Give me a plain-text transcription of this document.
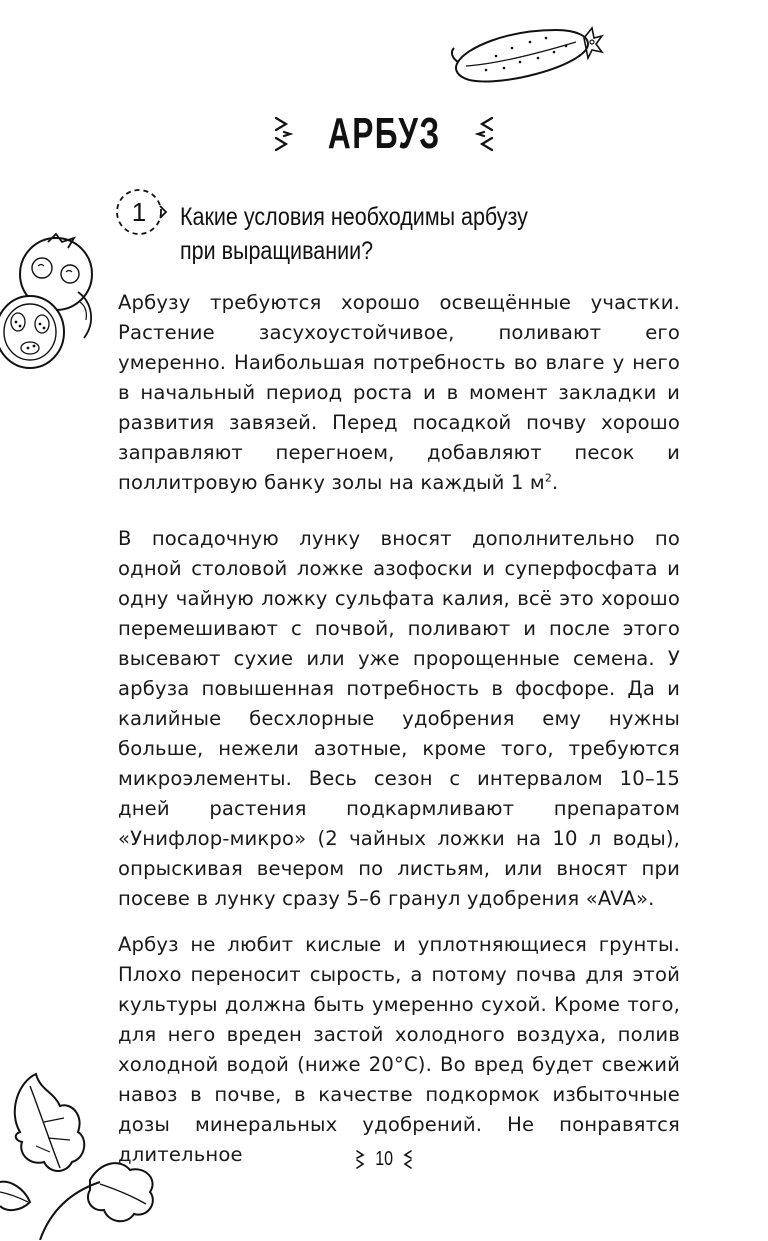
АРБУЗ
1	Какие условия необходимы арбузу
при выращивании?

Арбузу требуются хорошо освещённые участки. Растение засухоустойчивое, поливают его умеренно. Наибольшая потребность во влаге у него в начальный период роста и в момент закладки и развития завязей. Перед посадкой почву хорошо заправляют перегноем, добавляют песок и поллитровую банку золы на каждый 1 $м^2$.

В посадочную лунку вносят дополнительно по одной столовой ложке азофоски и суперфосфата и одну чайную ложку сульфата калия, всё это хорошо перемешивают с почвой, поливают и после этого высевают сухие или уже пророщенные семена. У арбуза повышенная потребность в фосфоре. Да и калийные бесхлорные удобрения ему нужны больше, нежели азотные, кроме того, требуются микроэлементы. Весь сезон с интервалом 10–15 дней растения подкармливают препаратом «Унифлор-микро» (2 чайных ложки на 10 л воды), опрыскивая вечером по листьям, или вносят при посеве в лунку сразу 5–6 гранул удобрения «AVA».

Арбуз не любит кислые и уплотняющиеся грунты. Плохо переносит сырость, а потому почва для этой культуры должна быть умеренно сухой. Кроме того, для него вреден застой холодного воздуха, полив холодной водой (ниже 20°С). Во вред будет свежий навоз в почве, в качестве подкормок избыточные дозы минеральных удобрений. Не понравятся длительное	10
